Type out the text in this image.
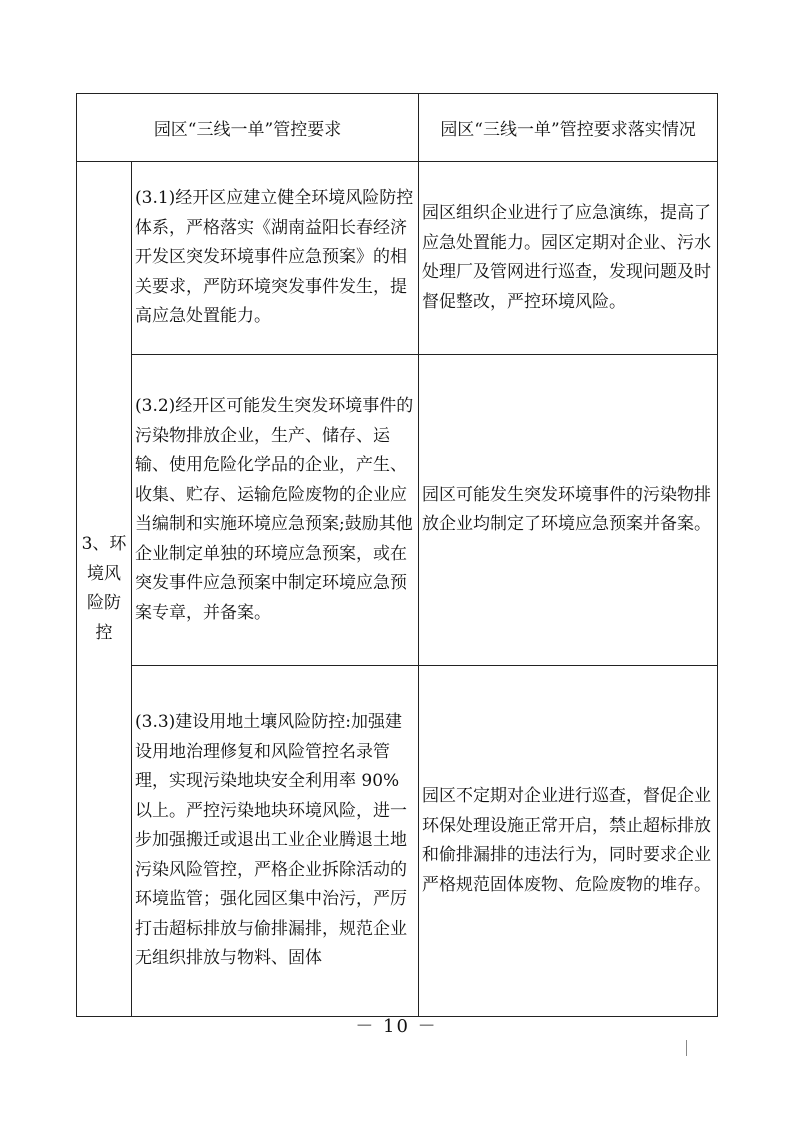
园区“三线一单”管控要求		园区“三线一单”管控要求落实情况

3、环
境风
险防
控	(3.1)经开区应建立健全环境风险防控体系，严格落实《湖南益阳长春经济开发区突发环境事件应急预案》的相关要求，严防环境突发事件发生，提高应急处置能力。	园区组织企业进行了应急演练，提高了应急处置能力。园区定期对企业、污水处理厂及管网进行巡查，发现问题及时督促整改，严控环境风险。
	(3.2)经开区可能发生突发环境事件的污染物排放企业，生产、储存、运输、使用危险化学品的企业，产生、收集、贮存、运输危险废物的企业应当编制和实施环境应急预案;鼓励其他企业制定单独的环境应急预案，或在突发事件应急预案中制定环境应急预案专章，并备案。	园区可能发生突发环境事件的污染物排放企业均制定了环境应急预案并备案。
	(3.3)建设用地土壤风险防控:加强建设用地治理修复和风险管控名录管理，实现污染地块安全利用率 90%以上。严控污染地块环境风险，进一步加强搬迁或退出工业企业腾退土地污染风险管控，严格企业拆除活动的环境监管；强化园区集中治污，严厉打击超标排放与偷排漏排，规范企业无组织排放与物料、固体	园区不定期对企业进行巡查，督促企业环保处理设施正常开启，禁止超标排放和偷排漏排的违法行为，同时要求企业严格规范固体废物、危险废物的堆存。
－ 10 －
